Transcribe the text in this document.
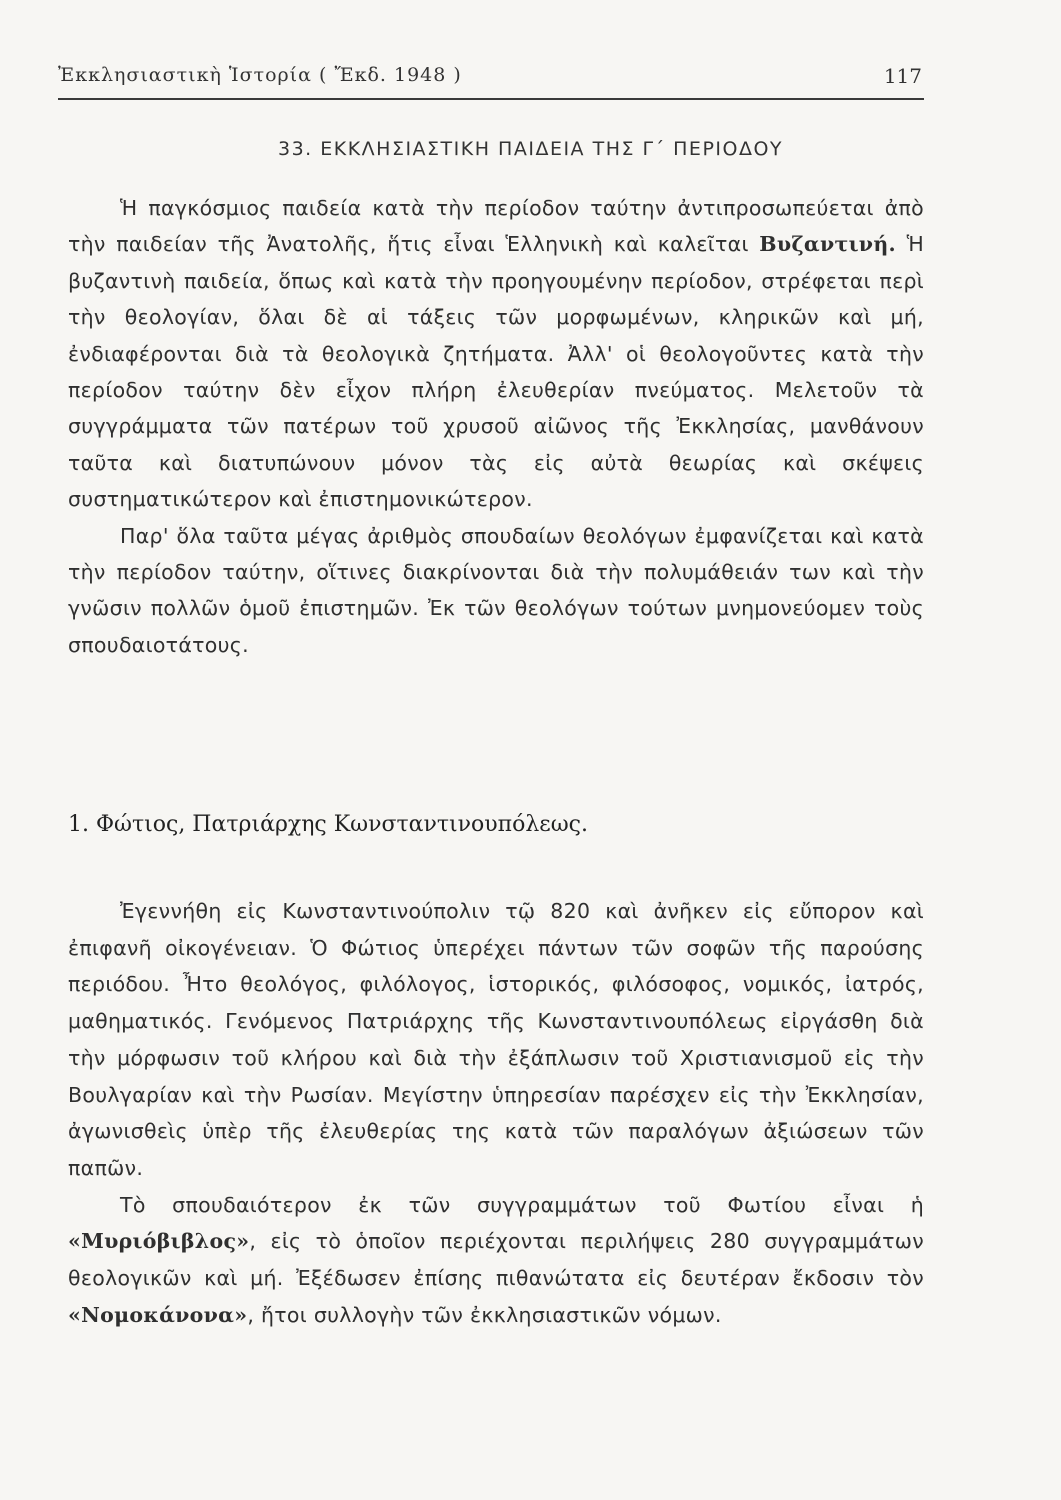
Ἐκκλησιαστικὴ Ἱστορία ( Ἔκδ. 1948 )	117
33. ΕΚΚΛΗΣΙΑΣΤΙΚΗ ΠΑΙΔΕΙΑ ΤΗΣ Γ΄ ΠΕΡΙΟΔΟΥ

Ἡ παγκόσμιος παιδεία κατὰ τὴν περίοδον ταύτην ἀντιπροσωπεύεται ἀπὸ τὴν παιδείαν τῆς Ἀνατολῆς, ἥτις εἶναι Ἑλληνικὴ καὶ καλεῖται Βυζαντινή. Ἡ βυζαντινὴ παιδεία, ὅπως καὶ κατὰ τὴν προηγουμένην περίοδον, στρέφεται περὶ τὴν θεολογίαν, ὅλαι δὲ αἱ τάξεις τῶν μορφωμένων, κληρικῶν καὶ μή, ἐνδιαφέρονται διὰ τὰ θεολογικὰ ζητήματα. Ἀλλ' οἱ θεολογοῦντες κατὰ τὴν περίοδον ταύτην δὲν εἶχον πλήρη ἐλευθερίαν πνεύματος. Μελετοῦν τὰ συγγράμματα τῶν πατέρων τοῦ χρυσοῦ αἰῶνος τῆς Ἐκκλησίας, μανθάνουν ταῦτα καὶ διατυπώνουν μόνον τὰς εἰς αὐτὰ θεωρίας καὶ σκέψεις συστηματικώτερον καὶ ἐπιστημονικώτερον.

Παρ' ὅλα ταῦτα μέγας ἀριθμὸς σπουδαίων θεολόγων ἐμφανίζεται καὶ κατὰ τὴν περίοδον ταύτην, οἵτινες διακρίνονται διὰ τὴν πολυμάθειάν των καὶ τὴν γνῶσιν πολλῶν ὁμοῦ ἐπιστημῶν. Ἐκ τῶν θεολόγων τούτων μνημονεύομεν τοὺς σπουδαιοτάτους.

1. Φώτιος, Πατριάρχης Κωνσταντινουπόλεως.

Ἐγεννήθη εἰς Κωνσταντινούπολιν τῷ 820 καὶ ἀνῆκεν εἰς εὔπορον καὶ ἐπιφανῆ οἰκογένειαν. Ὁ Φώτιος ὑπερέχει πάντων τῶν σοφῶν τῆς παρούσης περιόδου. Ἦτο θεολόγος, φιλόλογος, ἱστορικός, φιλόσοφος, νομικός, ἰατρός, μαθηματικός. Γενόμενος Πατριάρχης τῆς Κωνσταντινουπόλεως εἰργάσθη διὰ τὴν μόρφωσιν τοῦ κλήρου καὶ διὰ τὴν ἐξάπλωσιν τοῦ Χριστιανισμοῦ εἰς τὴν Βουλγαρίαν καὶ τὴν Ρωσίαν. Μεγίστην ὑπηρεσίαν παρέσχεν εἰς τὴν Ἐκκλησίαν, ἀγωνισθεὶς ὑπὲρ τῆς ἐλευθερίας της κατὰ τῶν παραλόγων ἀξιώσεων τῶν παπῶν.

Τὸ σπουδαιότερον ἐκ τῶν συγγραμμάτων τοῦ Φωτίου εἶναι ἡ «Μυριόβιβλος», εἰς τὸ ὁποῖον περιέχονται περιλήψεις 280 συγγραμμάτων θεολογικῶν καὶ μή. Ἐξέδωσεν ἐπίσης πιθανώτατα εἰς δευτέραν ἔκδοσιν τὸν «Νομοκάνονα», ἤτοι συλλογὴν τῶν ἐκκλησιαστικῶν νόμων.
